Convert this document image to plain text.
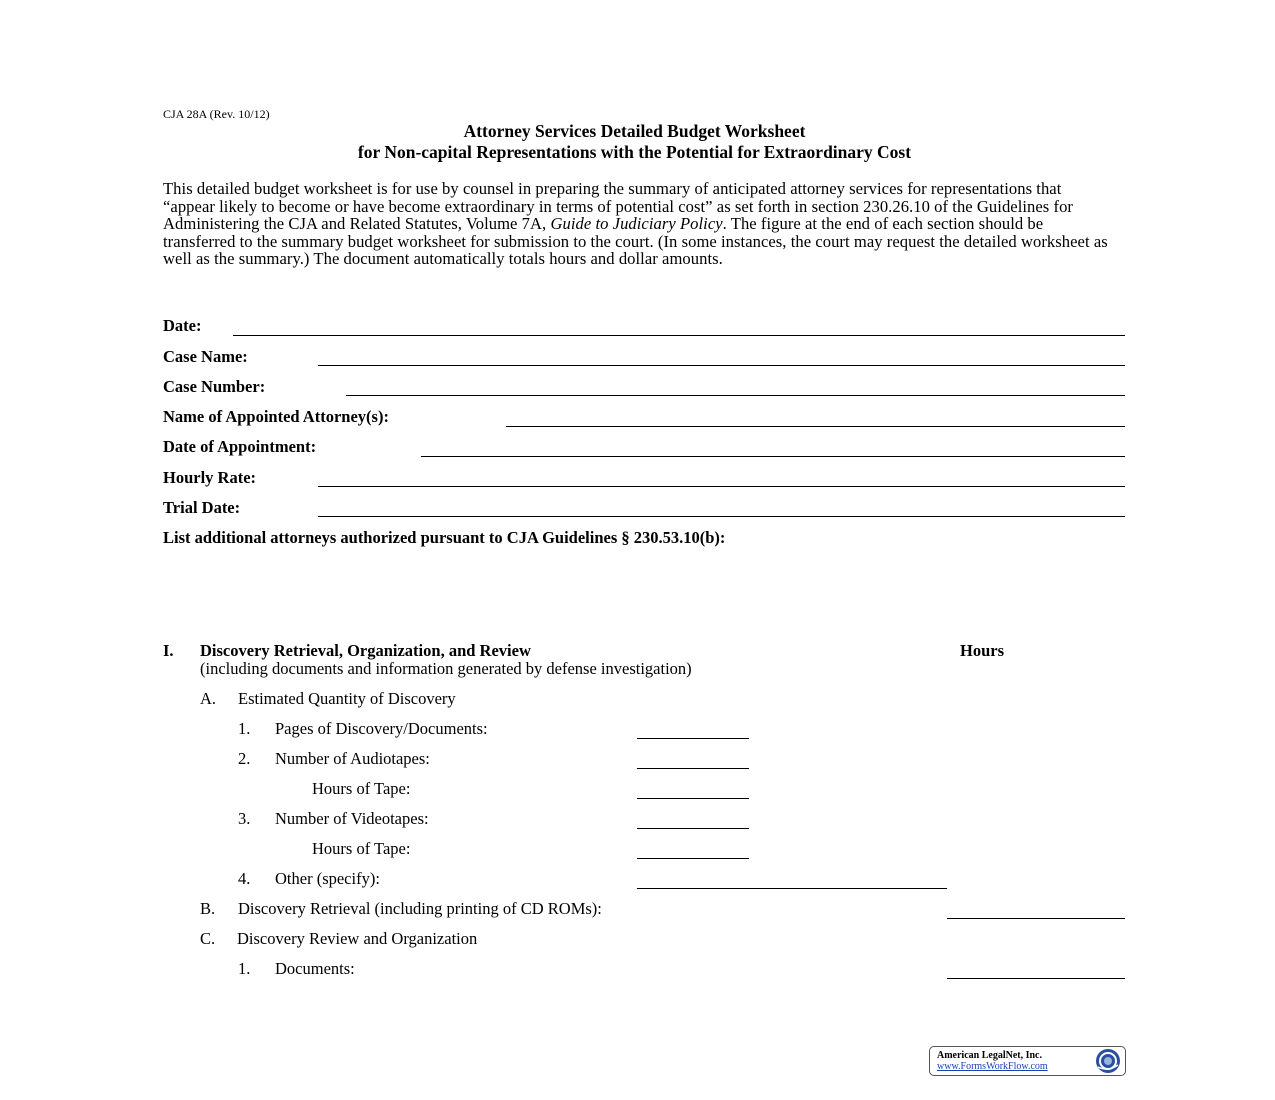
CJA 28A (Rev. 10/12)
Attorney Services Detailed Budget Worksheet
for Non-capital Representations with the Potential for Extraordinary Cost
This detailed budget worksheet is for use by counsel in preparing the summary of anticipated attorney services for representations that “appear likely to become or have become extraordinary in terms of potential cost” as set forth in section 230.26.10 of the Guidelines for Administering the CJA and Related Statutes, Volume 7A, Guide to Judiciary Policy. The figure at the end of each section should be transferred to the summary budget worksheet for submission to the court. (In some instances, the court may request the detailed worksheet as well as the summary.) The document automatically totals hours and dollar amounts.
Date:
Case Name:
Case Number:
Name of Appointed Attorney(s):
Date of Appointment:
Hourly Rate:
Trial Date:
List additional attorneys authorized pursuant to CJA Guidelines § 230.53.10(b):
I. Discovery Retrieval, Organization, and Review	Hours
(including documents and information generated by defense investigation)
A. Estimated Quantity of Discovery
1. Pages of Discovery/Documents:
2. Number of Audiotapes:
Hours of Tape:
3. Number of Videotapes:
Hours of Tape:
4. Other (specify):
B. Discovery Retrieval (including printing of CD ROMs):
C. Discovery Review and Organization
1. Documents:
American LegalNet, Inc.
www.FormsWorkFlow.com
